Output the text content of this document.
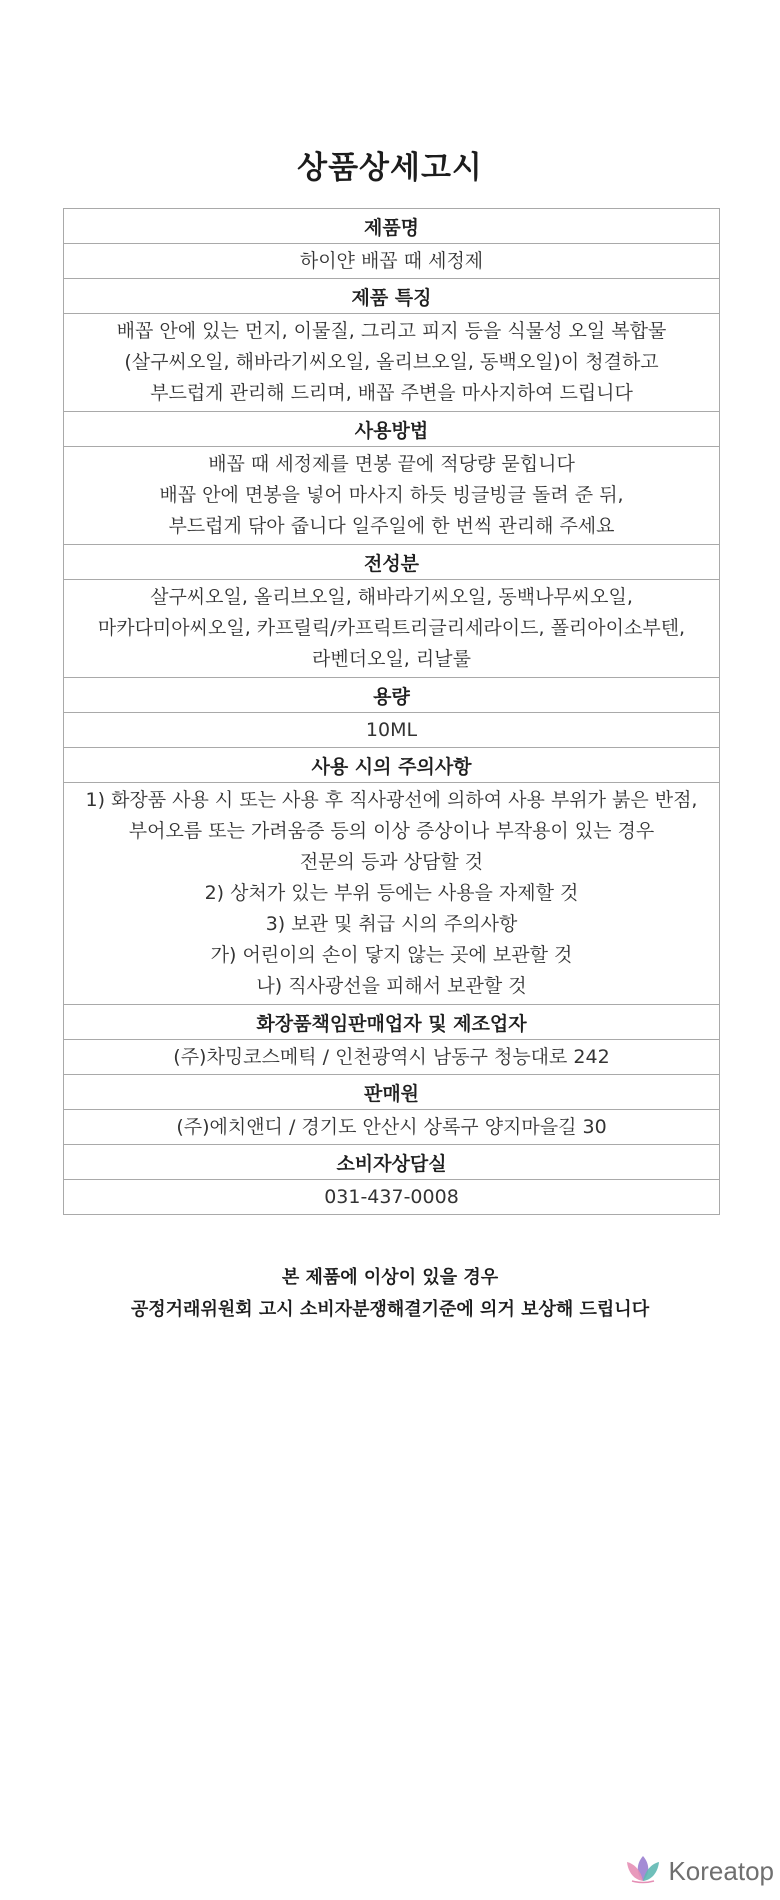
상품상세고시
제품명

하이얀 배꼽 때 세정제

제품 특징

배꼽 안에 있는 먼지, 이물질, 그리고 피지 등을 식물성 오일 복합물
(살구씨오일, 해바라기씨오일, 올리브오일, 동백오일)이 청결하고
부드럽게 관리해 드리며, 배꼽 주변을 마사지하여 드립니다

사용방법

배꼽 때 세정제를 면봉 끝에 적당량 묻힙니다
배꼽 안에 면봉을 넣어 마사지 하듯 빙글빙글 돌려 준 뒤,
부드럽게 닦아 줍니다 일주일에 한 번씩 관리해 주세요

전성분

살구씨오일, 올리브오일, 해바라기씨오일, 동백나무씨오일,
마카다미아씨오일, 카프릴릭/카프릭트리글리세라이드, 폴리아이소부텐,
라벤더오일, 리날룰

용량

10ML

사용 시의 주의사항

1) 화장품 사용 시 또는 사용 후 직사광선에 의하여 사용 부위가 붉은 반점,
부어오름 또는 가려움증 등의 이상 증상이나 부작용이 있는 경우
전문의 등과 상담할 것
2) 상처가 있는 부위 등에는 사용을 자제할 것
3) 보관 및 취급 시의 주의사항
가) 어린이의 손이 닿지 않는 곳에 보관할 것
나) 직사광선을 피해서 보관할 것

화장품책임판매업자 및 제조업자

(주)차밍코스메틱 / 인천광역시 남동구 청능대로 242

판매원

(주)에치앤디 / 경기도 안산시 상록구 양지마을길 30

소비자상담실

031-437-0008
본 제품에 이상이 있을 경우
공정거래위원회 고시 소비자분쟁해결기준에 의거 보상해 드립니다
Koreatop
